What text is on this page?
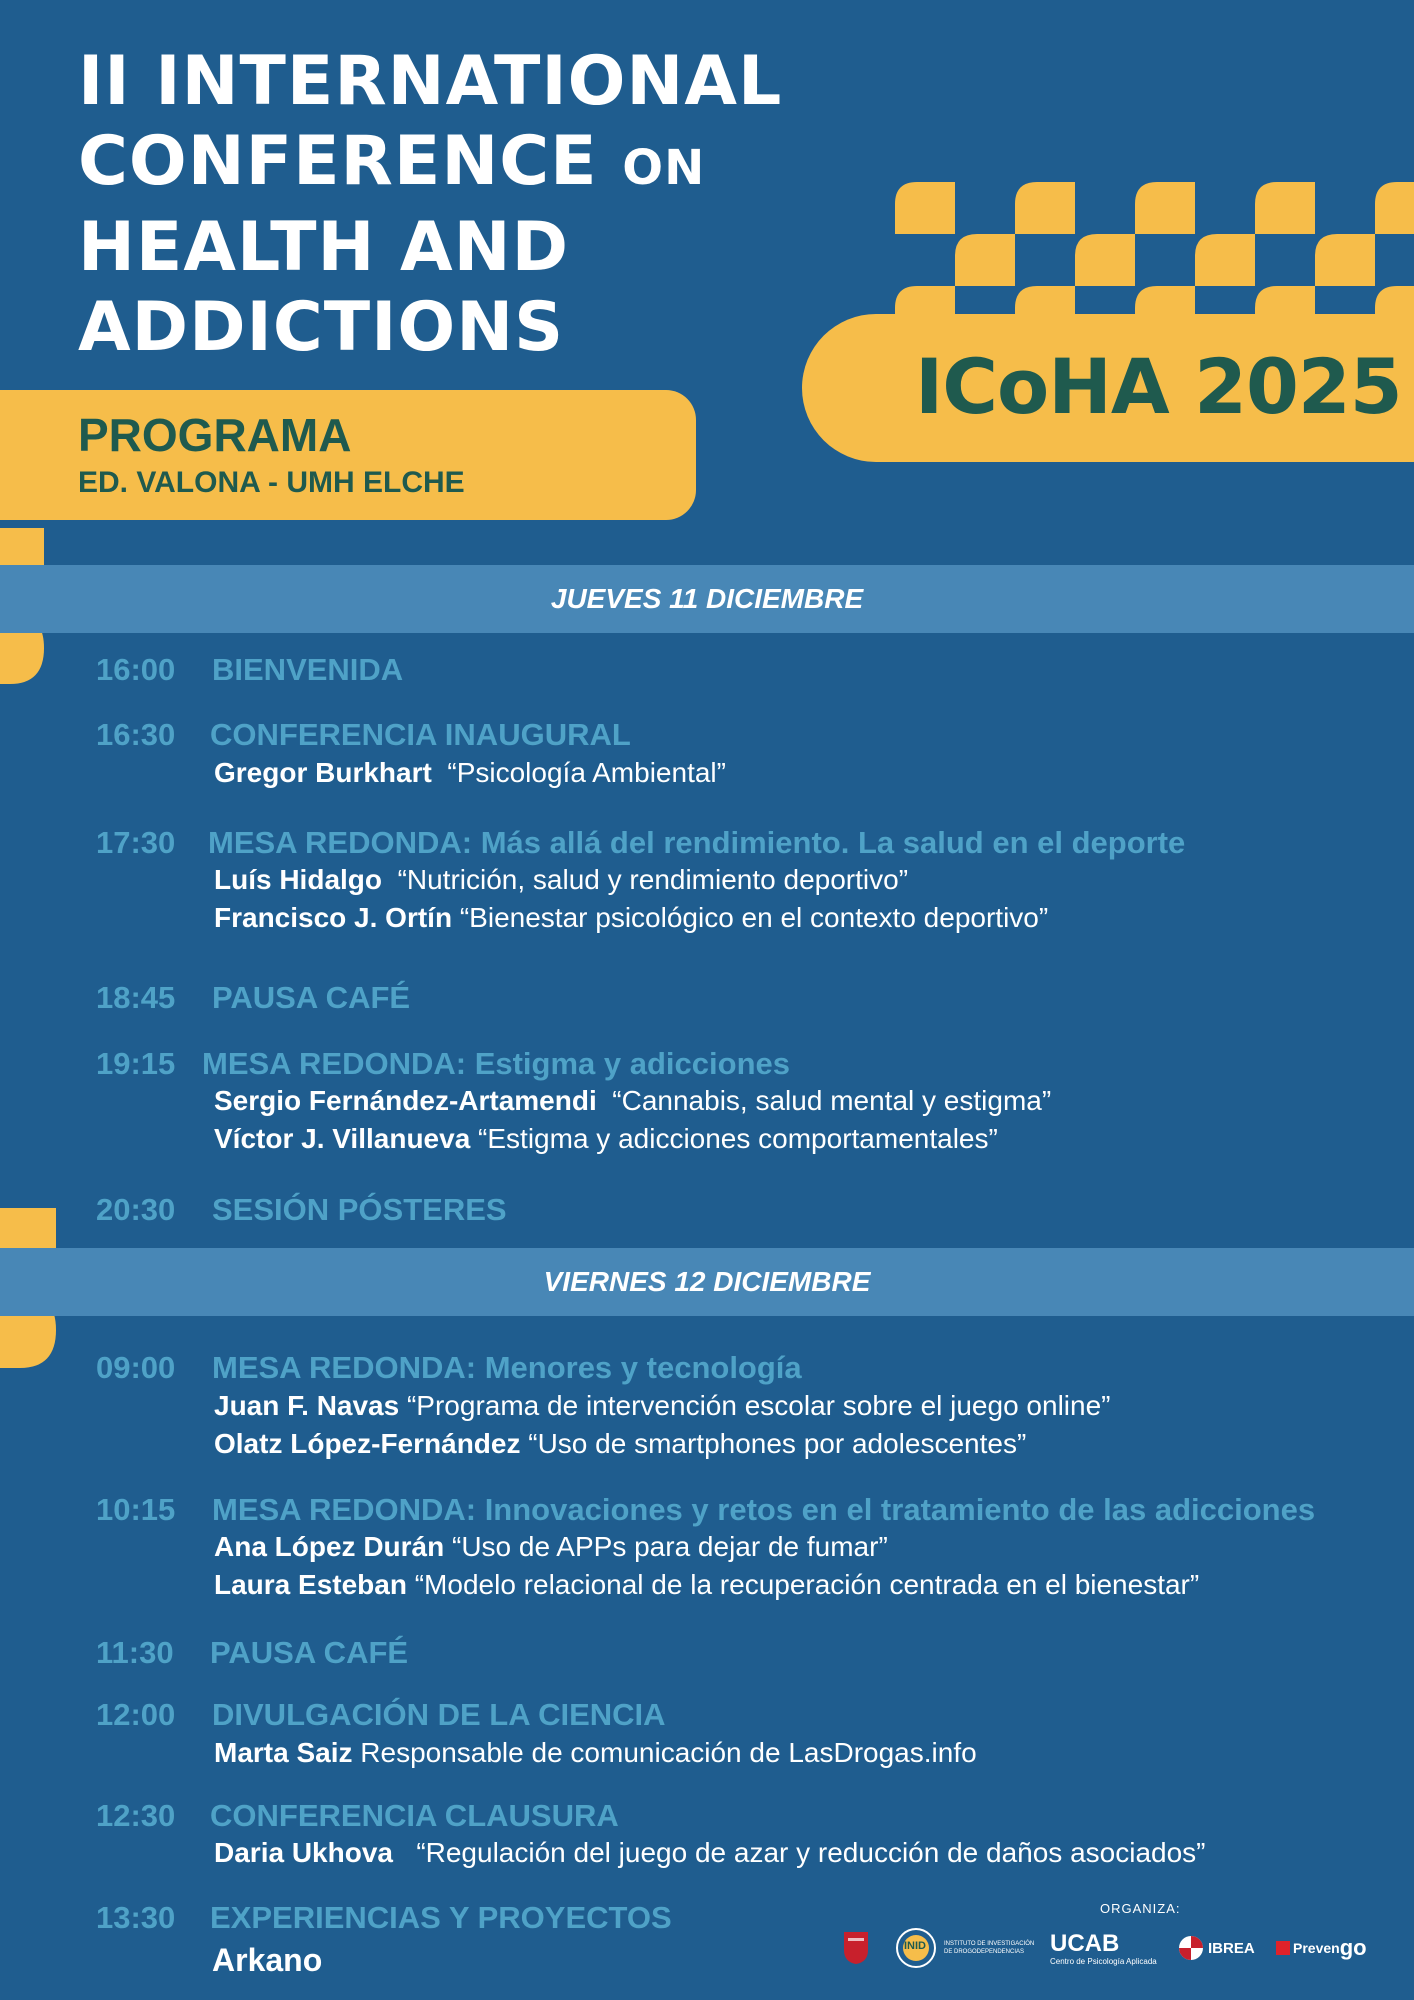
II INTERNATIONAL
CONFERENCE ON
HEALTH AND
ADDICTIONS
ICoHA 2025
PROGRAMA
ED. VALONA - UMH ELCHE
JUEVES 11 DICIEMBRE
16:00 BIENVENIDA
16:30 CONFERENCIA INAUGURAL
Gregor Burkhart “Psicología Ambiental”
17:30 MESA REDONDA: Más allá del rendimiento. La salud en el deporte
Luís Hidalgo “Nutrición, salud y rendimiento deportivo”
Francisco J. Ortín “Bienestar psicológico en el contexto deportivo”
18:45 PAUSA CAFÉ
19:15 MESA REDONDA: Estigma y adicciones
Sergio Fernández-Artamendi “Cannabis, salud mental y estigma”
Víctor J. Villanueva “Estigma y adicciones comportamentales”
20:30 SESIÓN PÓSTERES
VIERNES 12 DICIEMBRE
09:00 MESA REDONDA: Menores y tecnología
Juan F. Navas “Programa de intervención escolar sobre el juego online”
Olatz López-Fernández “Uso de smartphones por adolescentes”
10:15 MESA REDONDA: Innovaciones y retos en el tratamiento de las adicciones
Ana López Durán “Uso de APPs para dejar de fumar”
Laura Esteban “Modelo relacional de la recuperación centrada en el bienestar”
11:30 PAUSA CAFÉ
12:00 DIVULGACIÓN DE LA CIENCIA
Marta Saiz Responsable de comunicación de LasDrogas.info
12:30 CONFERENCIA CLAUSURA
Daria Ukhova “Regulación del juego de azar y reducción de daños asociados”
13:30 EXPERIENCIAS Y PROYECTOS
Arkano
ORGANIZA:
INID	INSTITUTO DE INVESTIGACIÓN DE DROGODEPENDENCIAS	UCAB
Centro de Psicología Aplicada
IBREA	Preven go
